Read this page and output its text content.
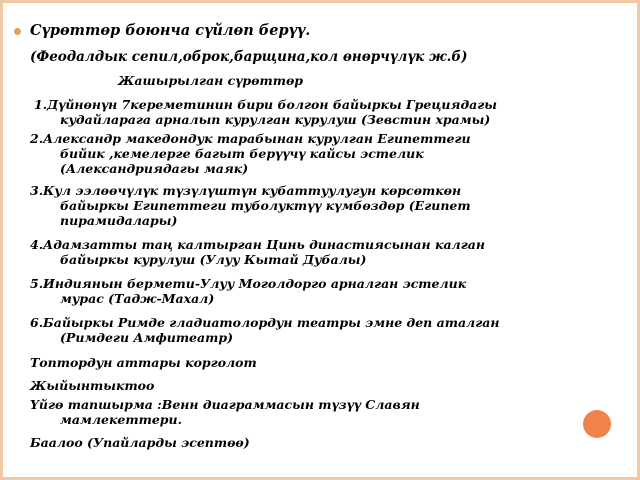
Сүрөттөр боюнча сүйлөп берүү.
(Феодалдык сепил,оброк,барщина,кол өнөрчүлүк ж.б)
Жашырылган сүрөттөр
1.Дүйнөнүн 7кереметинин бири болгон байыркы Грециядагы
кудайларага арналып курулган курулуш (Зевстин храмы)
2.Александр македондук тарабынан курулган Египеттеги
бийик ,кемелерге багыт берүүчү кайсы эстелик
(Александриядагы маяк)
3.Кул ээлөөчүлүк түзүлүштүн кубаттуулугун көрсөткөн
байыркы Египеттеги туболуктүү күмбөздөр (Египет
пирамидалары)
4.Адамзатты таң калтырган Цинь династиясынан калган
байыркы курулуш (Улуу Кытай Дубалы)
5.Индиянын бермети-Улуу Моголдорго арналган эстелик
мурас (Тадж-Махал)
6.Байыркы Римде гладиатолордун театры эмне деп аталган
(Римдеги Амфитеатр)
Топтордун аттары корголот
Жыйынтыктоо
Үйгө тапшырма :Венн диаграммасын түзүү Славян
мамлекеттери.
Баалоо (Упайларды эсептөө)
